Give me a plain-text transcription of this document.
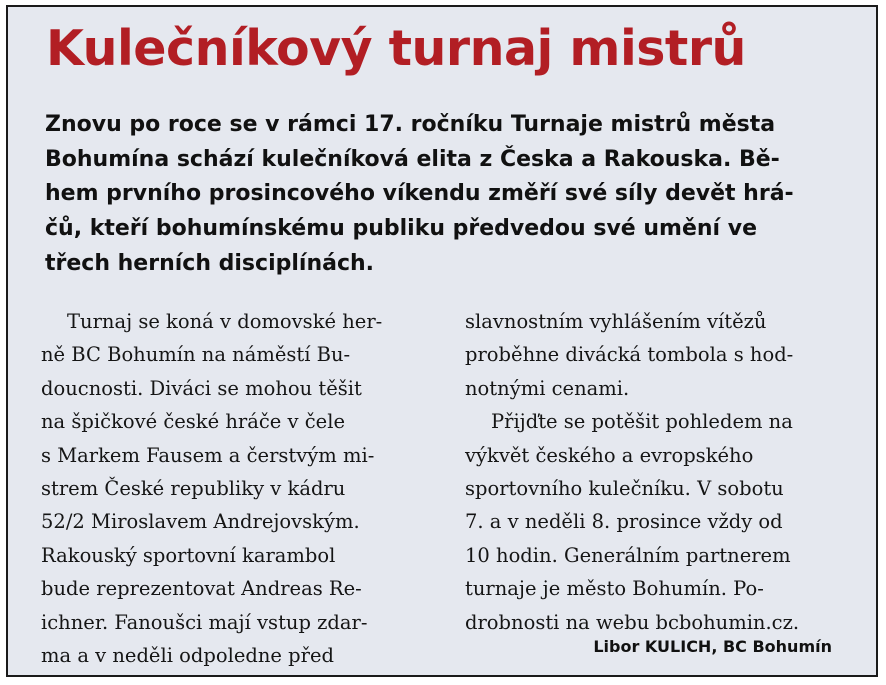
Kulečníkový turnaj mistrů

Znovu po roce se v rámci 17. ročníku Turnaje mistrů města
Bohumína schází kulečníková elita z Česka a Rakouska. Bě-
hem prvního prosincového víkendu změří své síly devět hrá-
čů, kteří bohumínskému publiku předvedou své umění ve
třech herních disciplínách.

Turnaj se koná v domovské her-
ně BC Bohumín na náměstí Bu-
doucnosti. Diváci se mohou těšit
na špičkové české hráče v čele
s Markem Fausem a čerstvým mi-
strem České republiky v kádru
52/2 Miroslavem Andrejovským.
Rakouský sportovní karambol
bude reprezentovat Andreas Re-
ichner. Fanoušci mají vstup zdar-
ma a v neděli odpoledne před
slavnostním vyhlášením vítězů
proběhne divácká tombola s hod-
notnými cenami.
Přijďte se potěšit pohledem na
výkvět českého a evropského
sportovního kulečníku. V sobotu
7. a v neděli 8. prosince vždy od
10 hodin. Generálním partnerem
turnaje je město Bohumín. Po-
drobnosti na webu bcbohumin.cz.

Libor KULICH, BC Bohumín
